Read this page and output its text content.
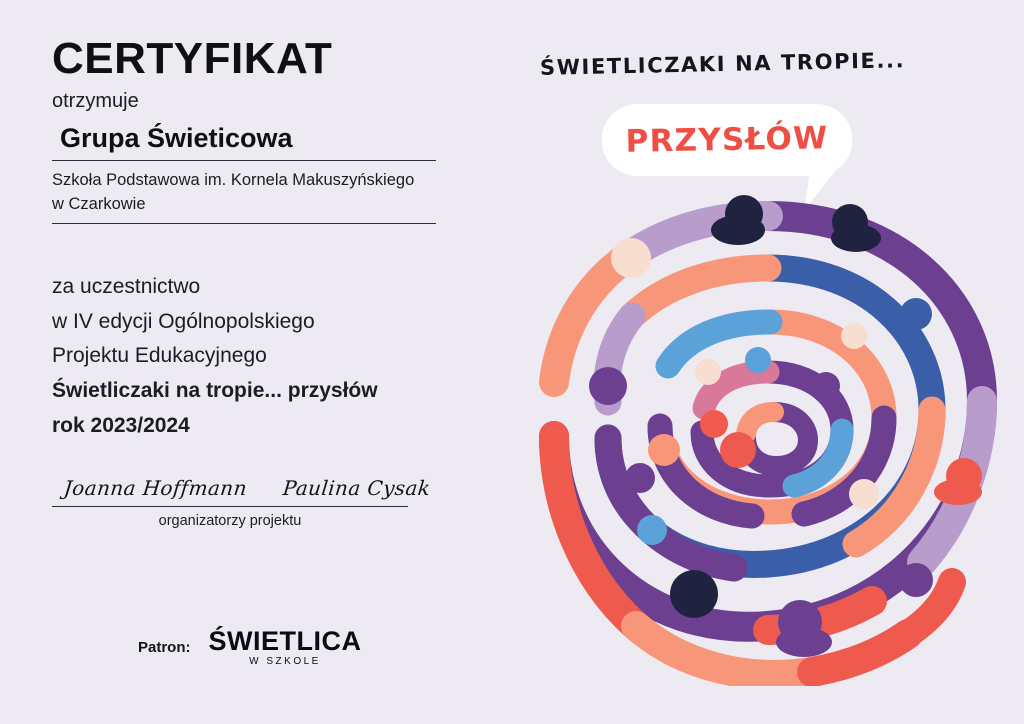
CERTYFIKAT

otrzymuje

Grupa Świeticowa

Szkoła Podstawowa im. Kornela Makuszyńskiego

w Czarkowie

za uczestnictwo
w IV edycji Ogólnopolskiego
Projektu Edukacyjnego
Świetliczaki na tropie... przysłów
rok 2023/2024
Joanna Hoffmann Paulina Cysak
organizatorzy projektu
Patron: ŚWIETLICA
W SZKOLE
ŚWIETLICZAKI NA TROPIE...
PRZYSŁÓW
